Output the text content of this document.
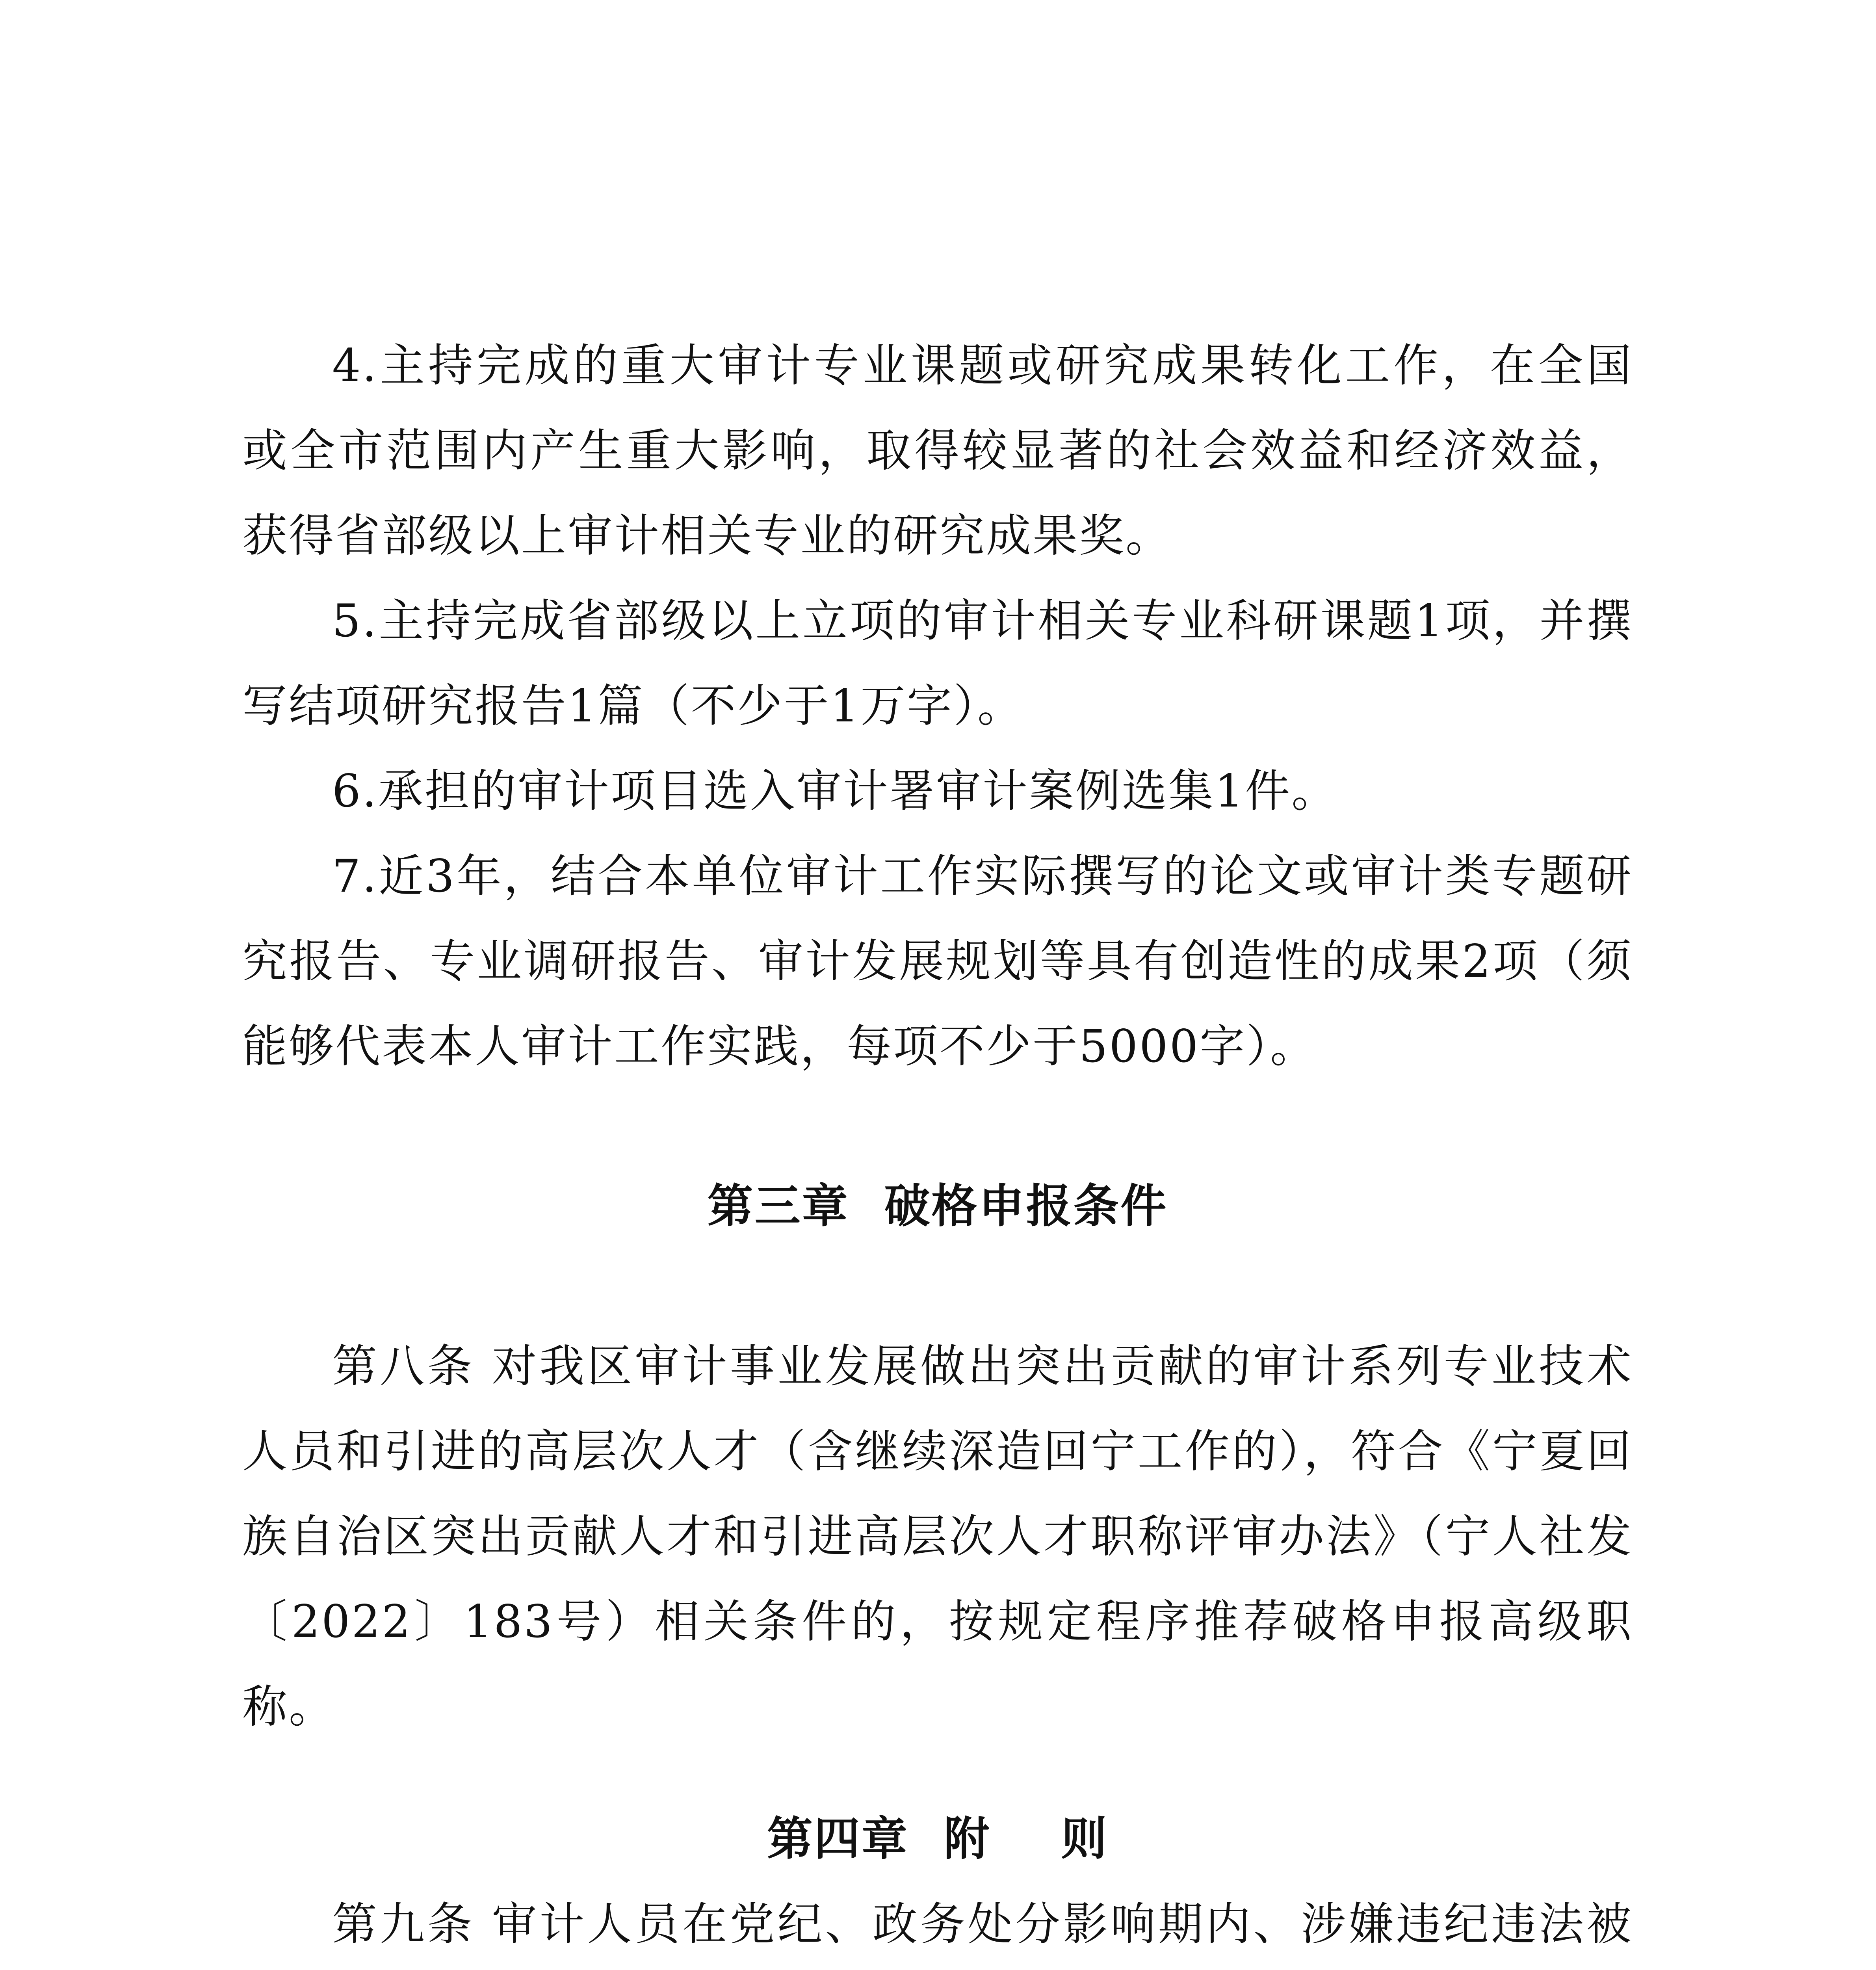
4.主持完成的重大审计专业课题或研究成果转化工作，在全国或全市范围内产生重大影响，取得较显著的社会效益和经济效益，获得省部级以上审计相关专业的研究成果奖。

5.主持完成省部级以上立项的审计相关专业科研课题1项，并撰写结项研究报告1篇（不少于1万字）。

6.承担的审计项目选入审计署审计案例选集1件。

7.近3年，结合本单位审计工作实际撰写的论文或审计类专题研究报告、专业调研报告、审计发展规划等具有创造性的成果2项（须能够代表本人审计工作实践，每项不少于5000字）。

第三章  破格申报条件

第八条 对我区审计事业发展做出突出贡献的审计系列专业技术人员和引进的高层次人才（含继续深造回宁工作的），符合《宁夏回族自治区突出贡献人才和引进高层次人才职称评审办法》（宁人社发〔2022〕183号）相关条件的，按规定程序推荐破格申报高级职称。

第四章  附    则

第九条 审计人员在党纪、政务处分影响期内、涉嫌违纪违法被
